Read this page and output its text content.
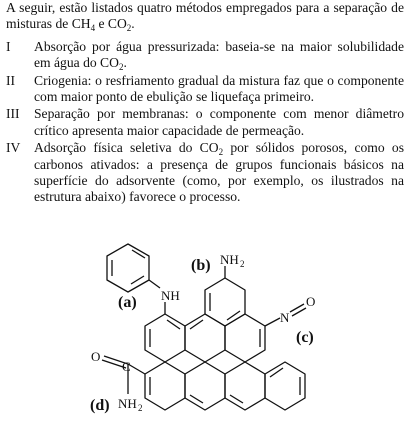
A seguir, estão listados quatro métodos empregados para a separação de misturas de $CH_4$ e $CO_2$.

I Absorção por água pressurizada: baseia-se na maior solubilidade em água do $CO_2$.
II Criogenia: o resfriamento gradual da mistura faz que o componente com maior ponto de ebulição se liquefaça primeiro.
III Separação por membranas: o componente com menor diâmetro crítico apresenta maior capacidade de permeação.
IV Adsorção física seletiva do $CO_2$ por sólidos porosos, como os carbonos ativados: a presença de grupos funcionais básicos na superfície do adsorvente (como, por exemplo, os ilustrados na estrutura abaixo) favorece o processo.
(a) NH
(b) NH 2
N
O
(c)
O
C
(d) NH 2
